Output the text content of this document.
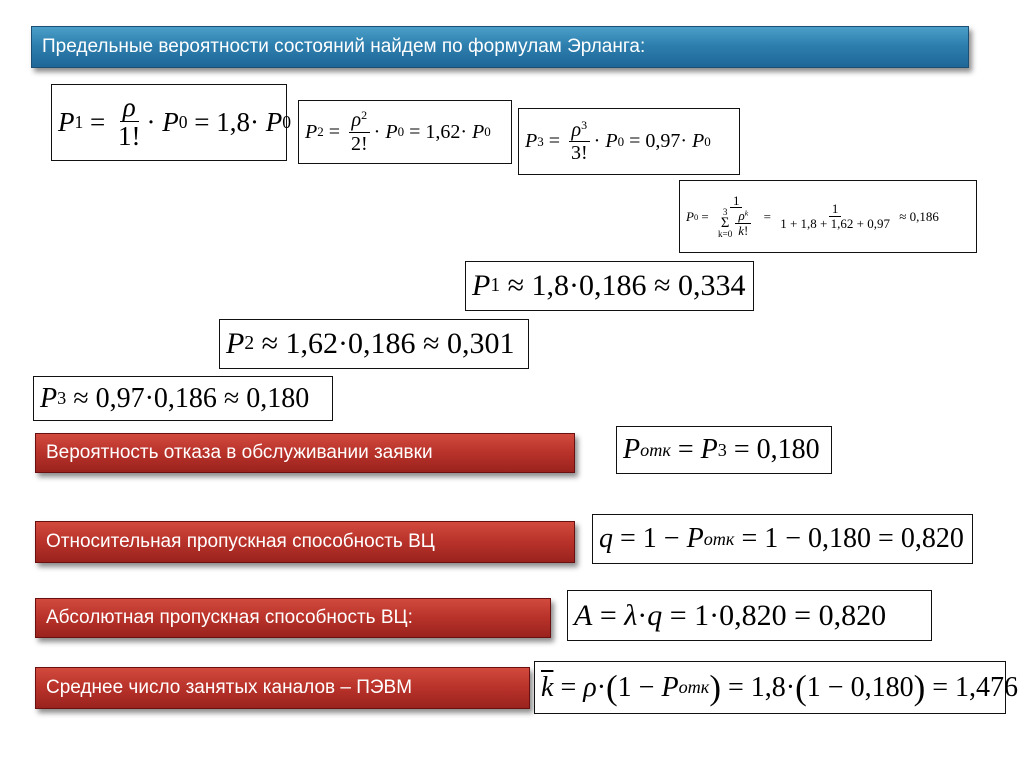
Предельные вероятности состояний найдем по формулам Эрланга:
P $1 = \frac{\rho}{1!} \cdot P$ 0 = 1,8 · P 0 P $2 = \frac{\rho^2}{2!} \cdot P$ 0 = 1,62 · P 0 P $3 = \frac{\rho^3}{3!} \cdot P$ 0 = 0,97 · P 0
P 0 = 1
3
Σ
$k=0 \frac{\rho^k}{k!} = \frac{1}{1 + 1,8 + 1,62 + 0,97} \approx 0,186$
P 1 ≈ 1,8 · 0,186 ≈ 0,334
P 2 ≈ 1,62 · 0,186 ≈ 0,301
P 3 ≈ 0,97 · 0,186 ≈ 0,180
Вероятность отказа в обслуживании заявки	P отк = P 3 = 0,180
Относительная пропускная способность ВЦ	q = 1 − P отк = 1 − 0,180 = 0,820
Абсолютная пропускная способность ВЦ:	A = λ · q = 1 · 0,820 = 0,820
Среднее число занятых каналов – ПЭВМ	$\overline{k} = \rho$ · ( 1 − P отк ) = 1,8 · ( 1 − 0,180 ) = 1,476
